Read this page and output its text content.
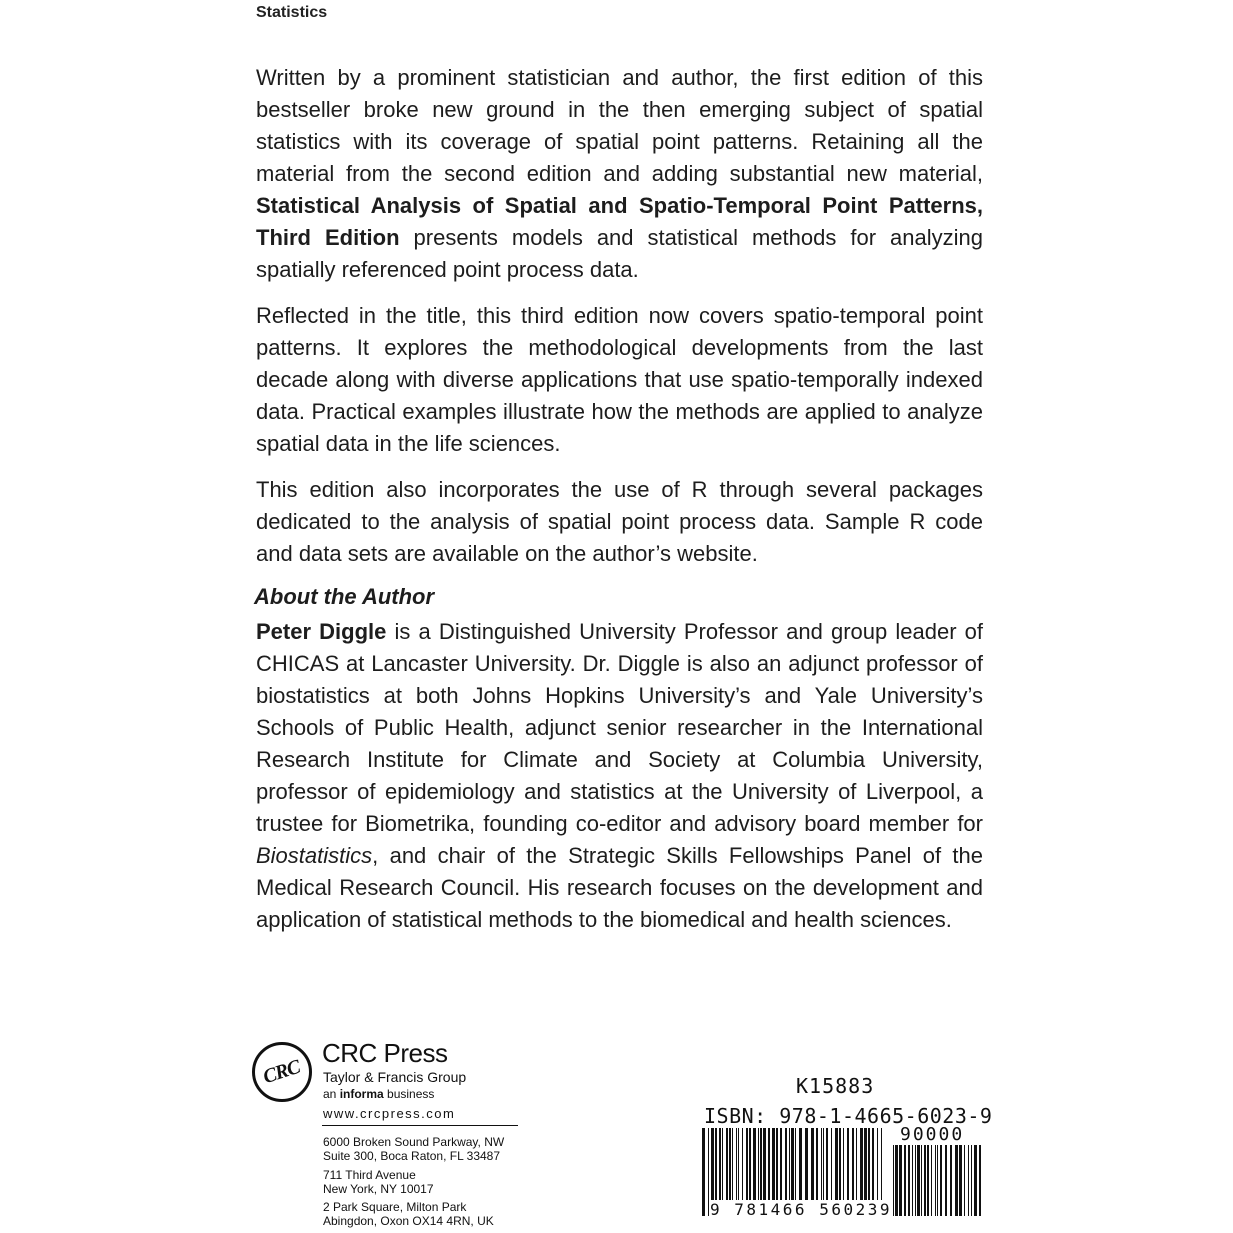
Statistics
Written by a prominent statistician and author, the first edition of this bestseller broke new ground in the then emerging subject of spatial statistics with its coverage of spatial point patterns. Retaining all the material from the second edition and adding substantial new material, Statistical Analysis of Spatial and Spatio-Temporal Point Patterns, Third Edition presents models and statistical methods for analyzing spatially referenced point process data.
Reflected in the title, this third edition now covers spatio-temporal point patterns. It explores the methodological developments from the last decade along with diverse applications that use spatio-temporally indexed data. Practical examples illustrate how the methods are applied to analyze spatial data in the life sciences.
This edition also incorporates the use of R through several packages dedicated to the analysis of spatial point process data. Sample R code and data sets are available on the author’s website.
About the Author
Peter Diggle is a Distinguished University Professor and group leader of CHICAS at Lancaster University. Dr. Diggle is also an adjunct professor of biostatistics at both Johns Hopkins University’s and Yale University’s Schools of Public Health, adjunct senior researcher in the International Research Institute for Climate and Society at Columbia University, professor of epidemiology and statistics at the University of Liverpool, a trustee for Biometrika, founding co-editor and advisory board member for Biostatistics, and chair of the Strategic Skills Fellowships Panel of the Medical Research Council. His research focuses on the development and application of statistical methods to the biomedical and health sciences.
CRC
CRC Press
Taylor & Francis Group
an informa business
www.crcpress.com
6000 Broken Sound Parkway, NW
Suite 300, Boca Raton, FL 33487
711 Third Avenue
New York, NY 10017
2 Park Square, Milton Park
Abingdon, Oxon OX14 4RN, UK
K15883
ISBN: 978-1-4665-6023-9
90000
9 781466 560239
